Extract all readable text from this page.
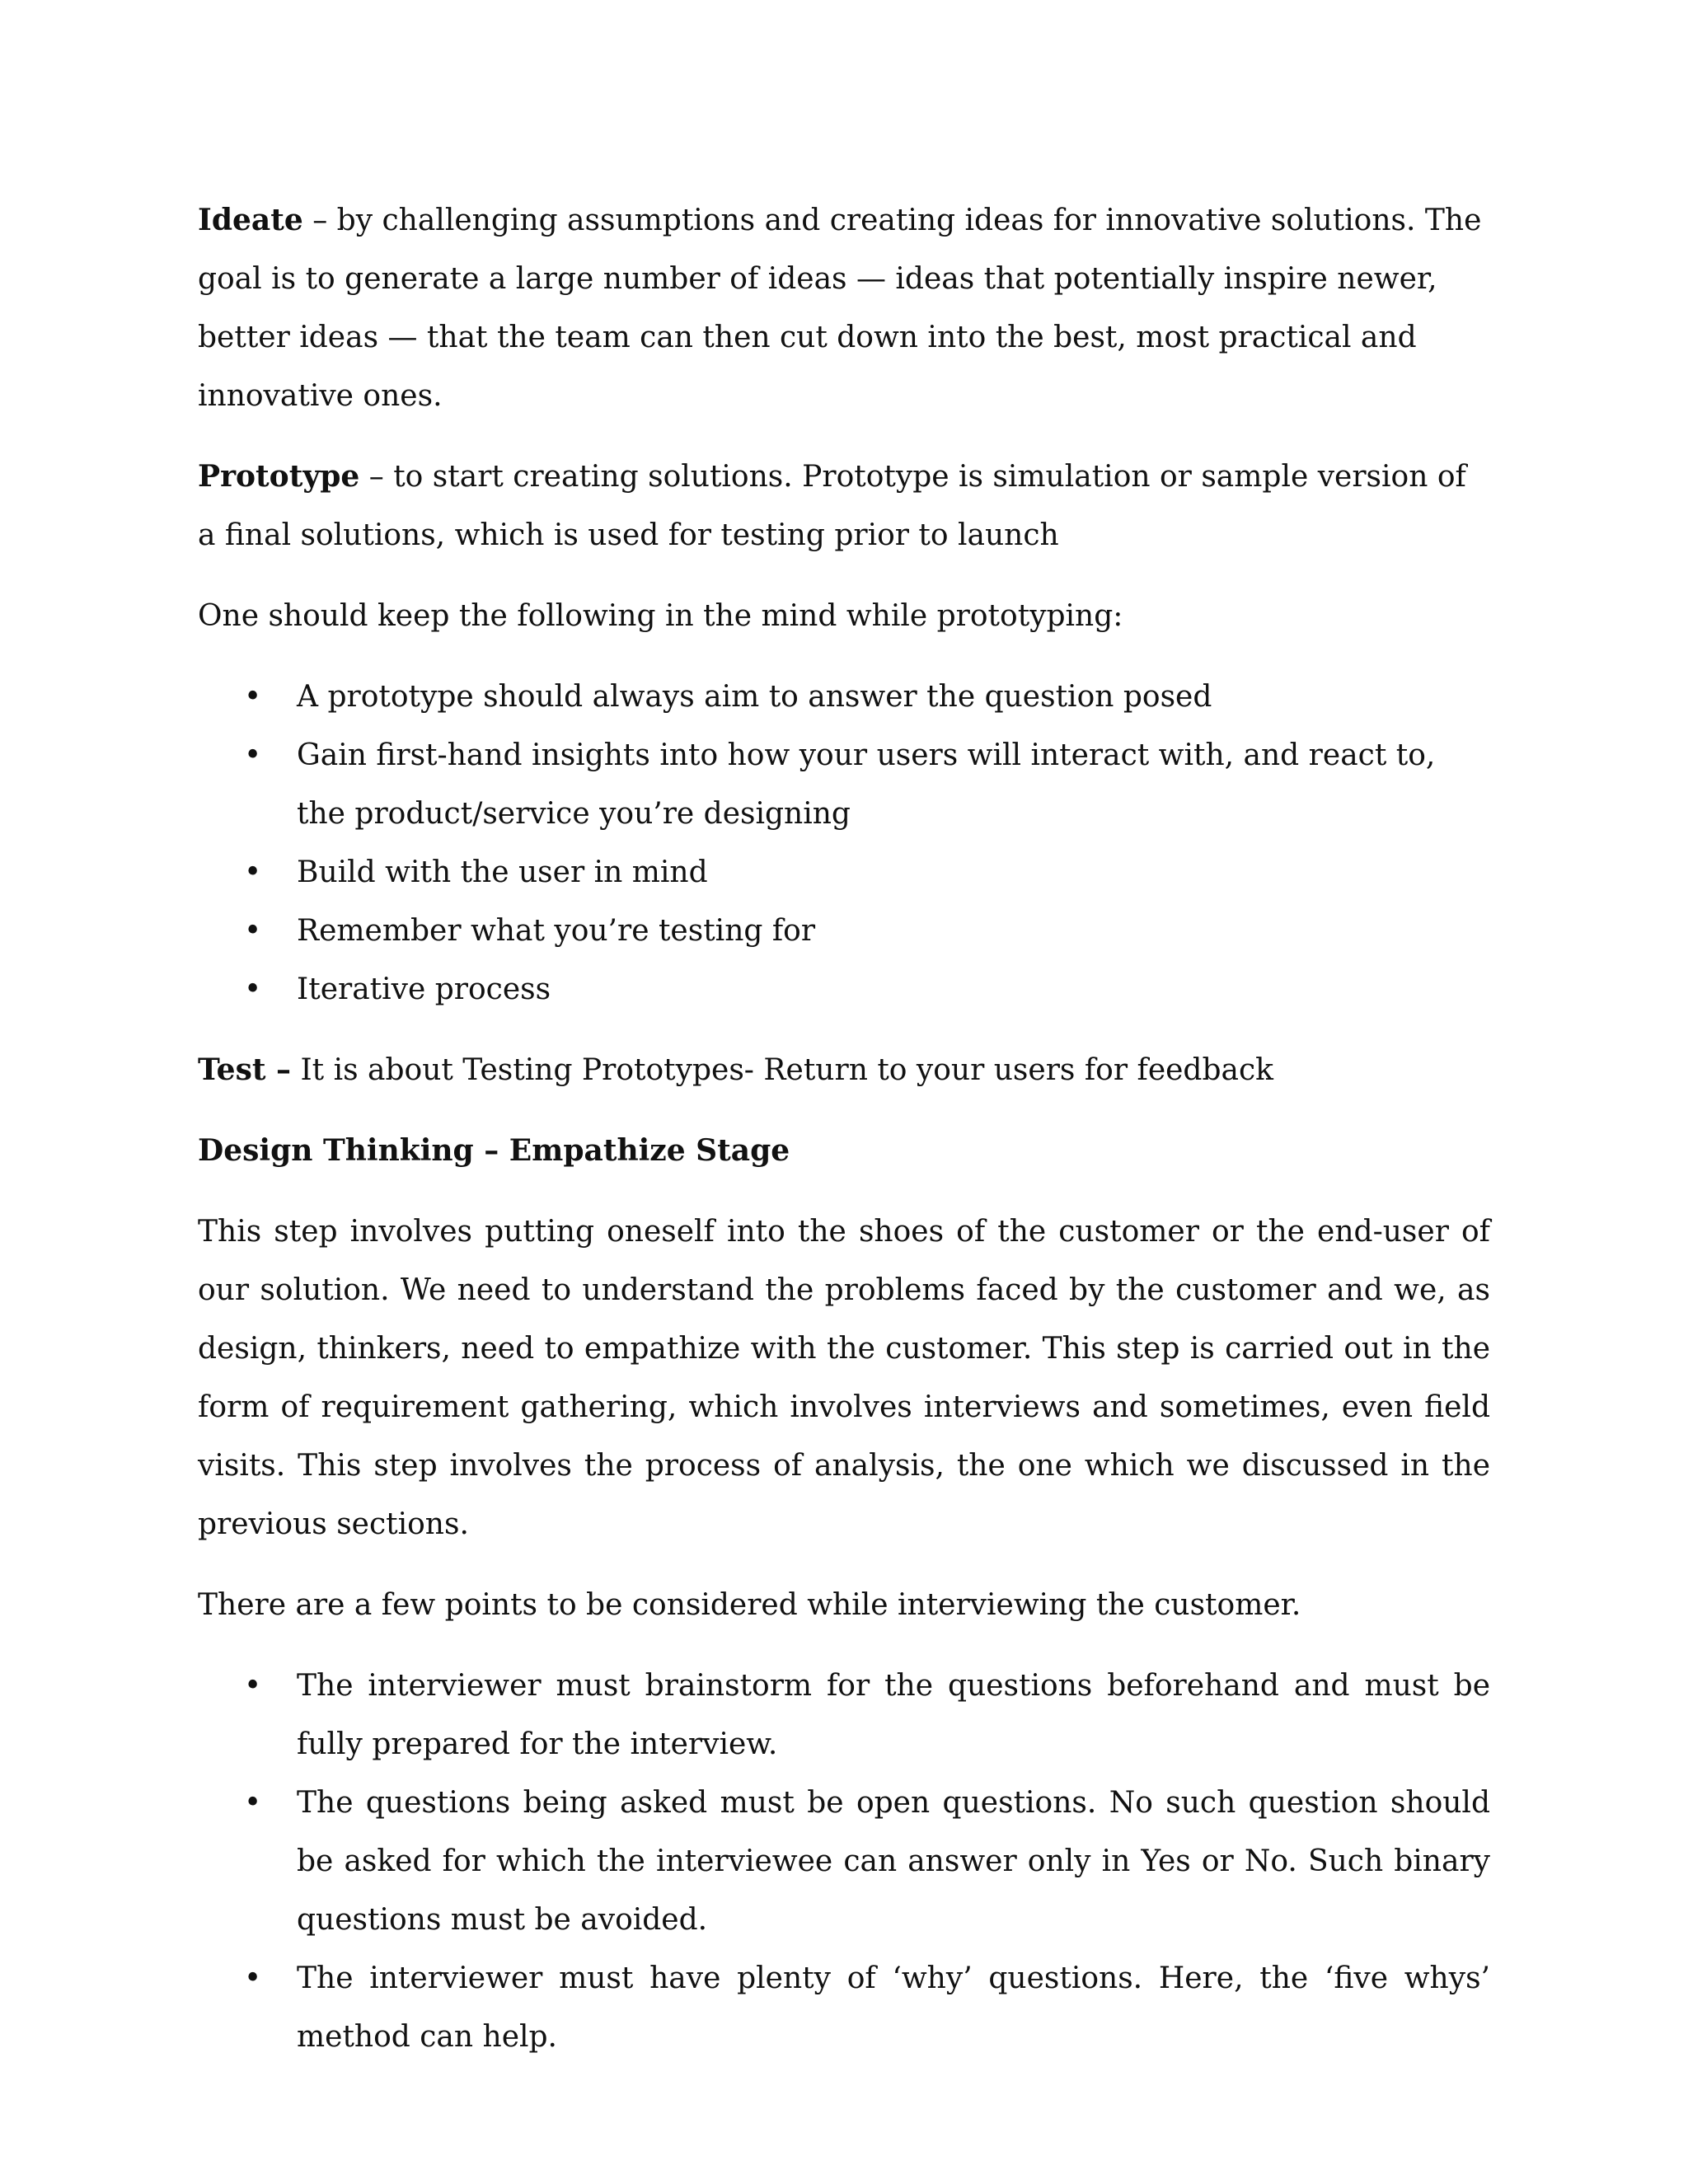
Ideate – by challenging assumptions and creating ideas for innovative solutions. The goal is to generate a large number of ideas — ideas that potentially inspire newer, better ideas — that the team can then cut down into the best, most practical and innovative ones.

Prototype – to start creating solutions. Prototype is simulation or sample version of a final solutions, which is used for testing prior to launch

One should keep the following in the mind while prototyping:

• A prototype should always aim to answer the question posed
• Gain first-hand insights into how your users will interact with, and react to, the product/service you’re designing
• Build with the user in mind
• Remember what you’re testing for
• Iterative process

Test – It is about Testing Prototypes- Return to your users for feedback

Design Thinking – Empathize Stage

This step involves putting oneself into the shoes of the customer or the end-user of our solution. We need to understand the problems faced by the customer and we, as design, thinkers, need to empathize with the customer. This step is carried out in the form of requirement gathering, which involves interviews and sometimes, even field visits. This step involves the process of analysis, the one which we discussed in the previous sections.

There are a few points to be considered while interviewing the customer.

• The interviewer must brainstorm for the questions beforehand and must be fully prepared for the interview.
• The questions being asked must be open questions. No such question should be asked for which the interviewee can answer only in Yes or No. Such binary questions must be avoided.
• The interviewer must have plenty of ‘why’ questions. Here, the ‘five whys’ method can help.
